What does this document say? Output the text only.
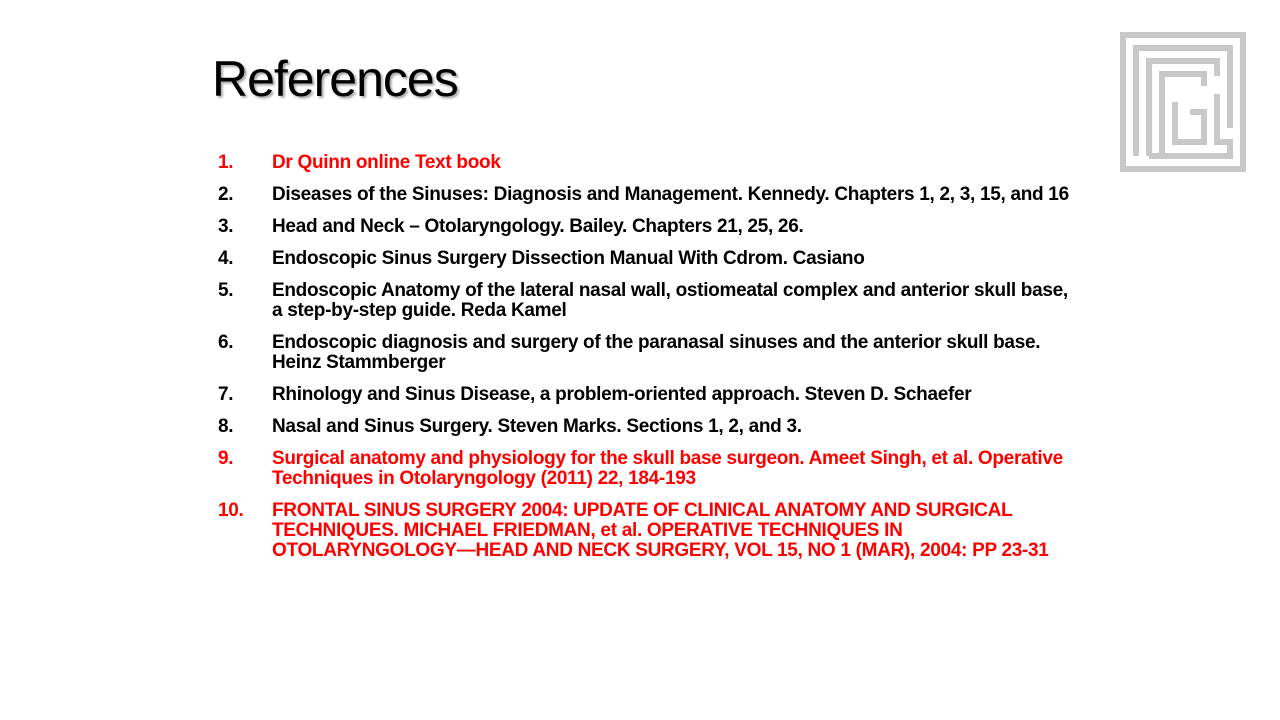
References
1.	Dr Quinn online Text book
2.	Diseases of the Sinuses: Diagnosis and Management. Kennedy. Chapters 1, 2, 3, 15, and 16
3.	Head and Neck – Otolaryngology. Bailey. Chapters 21, 25, 26.
4.	Endoscopic Sinus Surgery Dissection Manual With Cdrom. Casiano
5.	Endoscopic Anatomy of the lateral nasal wall, ostiomeatal complex and anterior skull base, a step-by-step guide. Reda Kamel
6.	Endoscopic diagnosis and surgery of the paranasal sinuses and the anterior skull base. Heinz Stammberger
7.	Rhinology and Sinus Disease, a problem-oriented approach. Steven D. Schaefer
8.	Nasal and Sinus Surgery. Steven Marks. Sections 1, 2, and 3.
9.	Surgical anatomy and physiology for the skull base surgeon. Ameet Singh, et al. Operative Techniques in Otolaryngology (2011) 22, 184-193
10.	FRONTAL SINUS SURGERY 2004: UPDATE OF CLINICAL ANATOMY AND SURGICAL TECHNIQUES. MICHAEL FRIEDMAN, et al. OPERATIVE TECHNIQUES IN OTOLARYNGOLOGY—HEAD AND NECK SURGERY, VOL 15, NO 1 (MAR), 2004: PP 23-31
